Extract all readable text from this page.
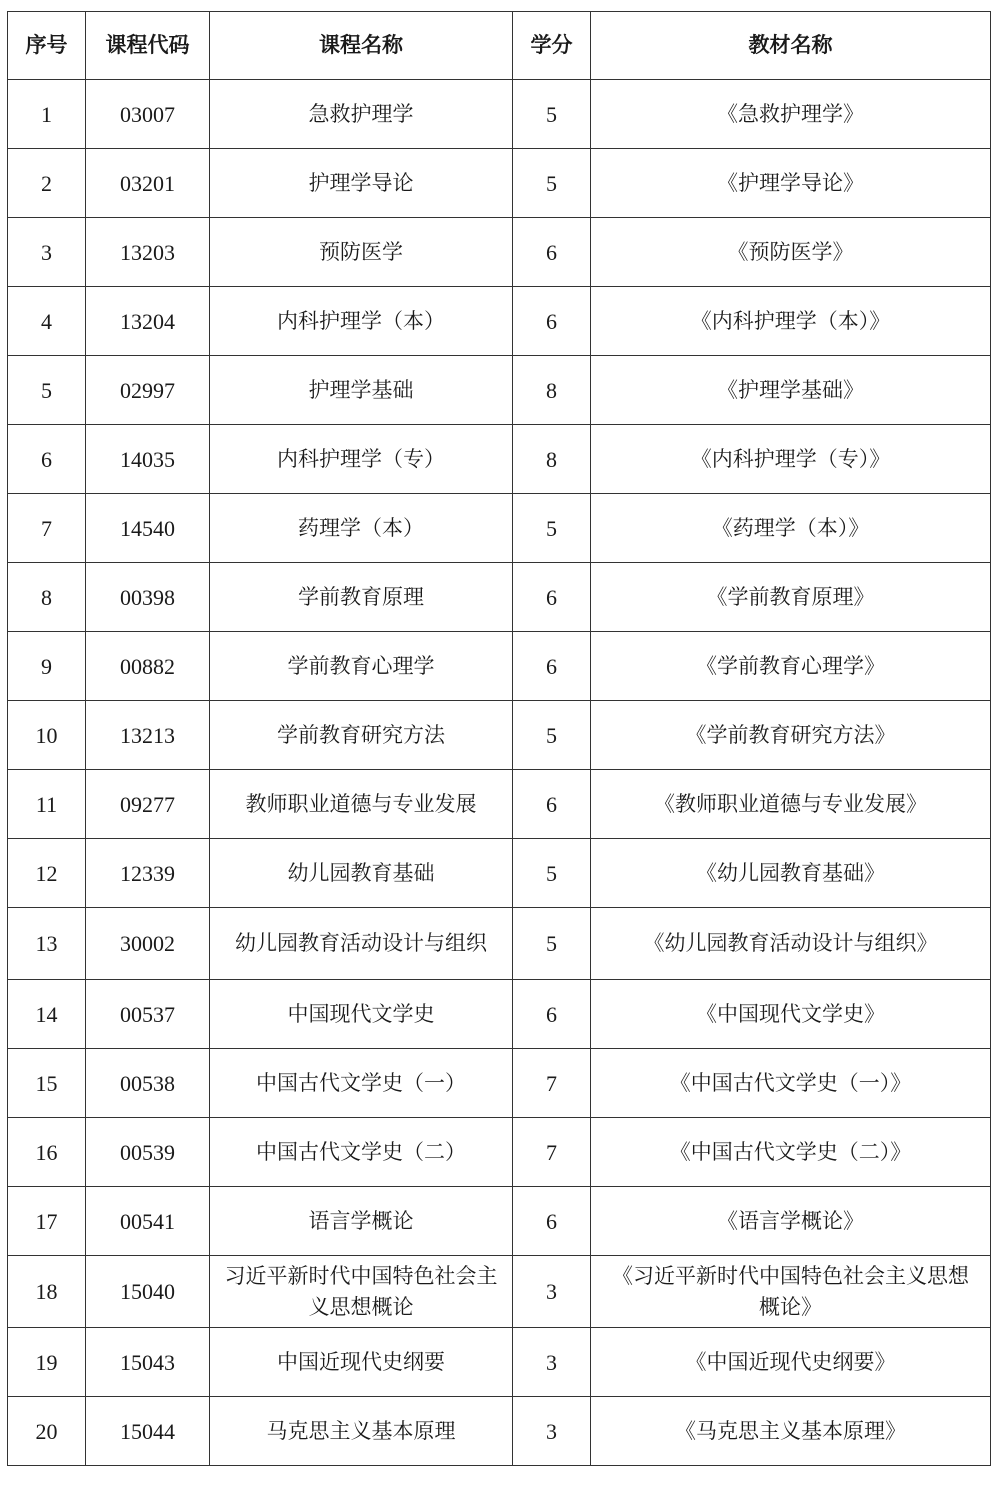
序号	课程代码	课程名称	学分	教材名称
1	03007	急救护理学	5	《急救护理学》
2	03201	护理学导论	5	《护理学导论》
3	13203	预防医学	6	《预防医学》
4	13204	内科护理学（本）	6	《内科护理学（本）》
5	02997	护理学基础	8	《护理学基础》
6	14035	内科护理学（专）	8	《内科护理学（专）》
7	14540	药理学（本）	5	《药理学（本）》
8	00398	学前教育原理	6	《学前教育原理》
9	00882	学前教育心理学	6	《学前教育心理学》
10	13213	学前教育研究方法	5	《学前教育研究方法》
11	09277	教师职业道德与专业发展	6	《教师职业道德与专业发展》
12	12339	幼儿园教育基础	5	《幼儿园教育基础》
13	30002	幼儿园教育活动设计与组织	5	《幼儿园教育活动设计与组织》
14	00537	中国现代文学史	6	《中国现代文学史》
15	00538	中国古代文学史（一）	7	《中国古代文学史（一）》
16	00539	中国古代文学史（二）	7	《中国古代文学史（二）》
17	00541	语言学概论	6	《语言学概论》
18	15040	习近平新时代中国特色社会主义思想概论	3	《习近平新时代中国特色社会主义思想概论》
19	15043	中国近现代史纲要	3	《中国近现代史纲要》
20	15044	马克思主义基本原理	3	《马克思主义基本原理》
